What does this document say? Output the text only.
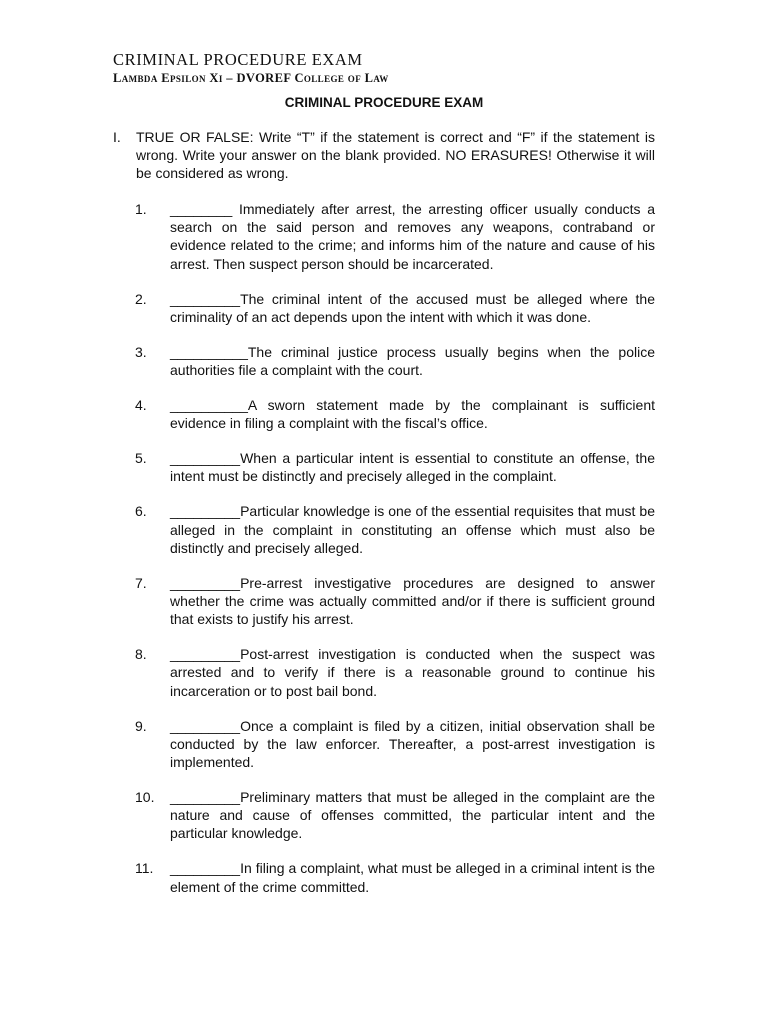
CRIMINAL PROCEDURE EXAM
Lambda Epsilon Xi – DVOREF College of Law
CRIMINAL PROCEDURE EXAM
I.	TRUE OR FALSE: Write “T” if the statement is correct and “F” if the statement is wrong. Write your answer on the blank provided. NO ERASURES! Otherwise it will be considered as wrong.
1.	________ Immediately after arrest, the arresting officer usually conducts a search on the said person and removes any weapons, contraband or evidence related to the crime; and informs him of the nature and cause of his arrest. Then suspect person should be incarcerated.
2.	_________The criminal intent of the accused must be alleged where the criminality of an act depends upon the intent with which it was done.
3.	__________The criminal justice process usually begins when the police authorities file a complaint with the court.
4.	__________A sworn statement made by the complainant is sufficient evidence in filing a complaint with the fiscal’s office.
5.	_________When a particular intent is essential to constitute an offense, the intent must be distinctly and precisely alleged in the complaint.
6.	_________Particular knowledge is one of the essential requisites that must be alleged in the complaint in constituting an offense which must also be distinctly and precisely alleged.
7.	_________Pre-arrest investigative procedures are designed to answer whether the crime was actually committed and/or if there is sufficient ground that exists to justify his arrest.
8.	_________Post-arrest investigation is conducted when the suspect was arrested and to verify if there is a reasonable ground to continue his incarceration or to post bail bond.
9.	_________Once a complaint is filed by a citizen, initial observation shall be conducted by the law enforcer. Thereafter, a post-arrest investigation is implemented.
10.	_________Preliminary matters that must be alleged in the complaint are the nature and cause of offenses committed, the particular intent and the particular knowledge.
11.	_________In filing a complaint, what must be alleged in a criminal intent is the element of the crime committed.
